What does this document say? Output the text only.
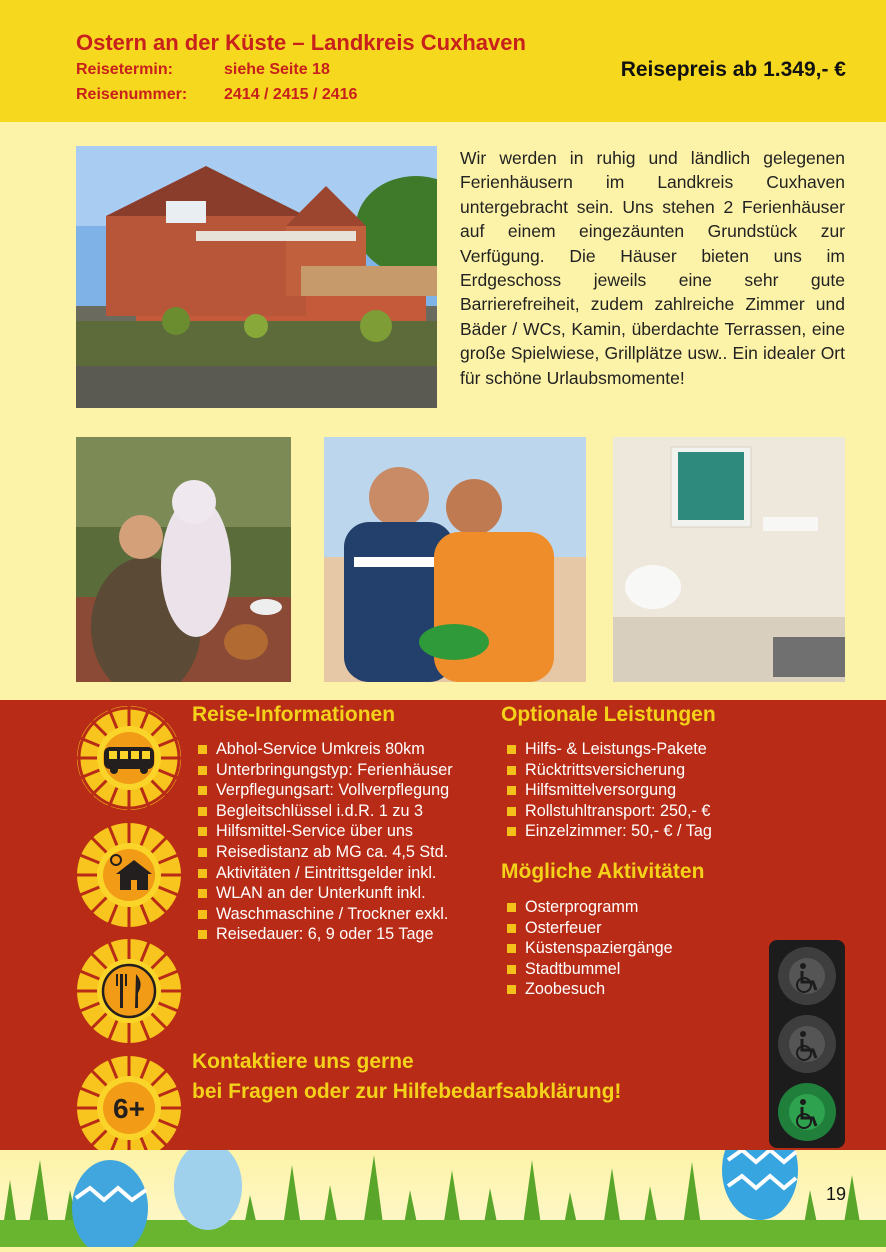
Ostern an der Küste – Landkreis Cuxhaven
Reisetermin:	siehe Seite 18
Reisenummer: 2414 / 2415 / 2416
Reisepreis ab 1.349,- €
Wir werden in ruhig und ländlich gelegenen Ferienhäusern im Landkreis Cuxhaven untergebracht sein. Uns stehen 2 Ferienhäuser auf einem eingezäunten Grundstück zur Verfügung. Die Häuser bieten uns im Erdgeschoss jeweils eine sehr gute Barrierefreiheit, zudem zahlreiche Zimmer und Bäder / WCs, Kamin, überdachte Terrassen, eine große Spielwiese, Grillplätze usw.. Ein idealer Ort für schöne Urlaubsmomente!
6+
Reise-Informationen
Abhol-Service Umkreis 80km
Unterbringungstyp: Ferienhäuser
Verpflegungsart: Vollverpflegung
Begleitschlüssel i.d.R. 1 zu 3
Hilfsmittel-Service über uns
Reisedistanz ab MG ca. 4,5 Std.
Aktivitäten / Eintrittsgelder inkl.
WLAN an der Unterkunft inkl.
Waschmaschine / Trockner exkl.
Reisedauer: 6, 9 oder 15 Tage
Optionale Leistungen
Hilfs- & Leistungs-Pakete
Rücktrittsversicherung
Hilfsmittelversorgung
Rollstuhltransport: 250,- €
Einzelzimmer: 50,- € / Tag
Mögliche Aktivitäten
Osterprogramm
Osterfeuer
Küstenspaziergänge
Stadtbummel
Zoobesuch
Kontaktiere uns gerne
bei Fragen oder zur Hilfebedarfsabklärung!
19
